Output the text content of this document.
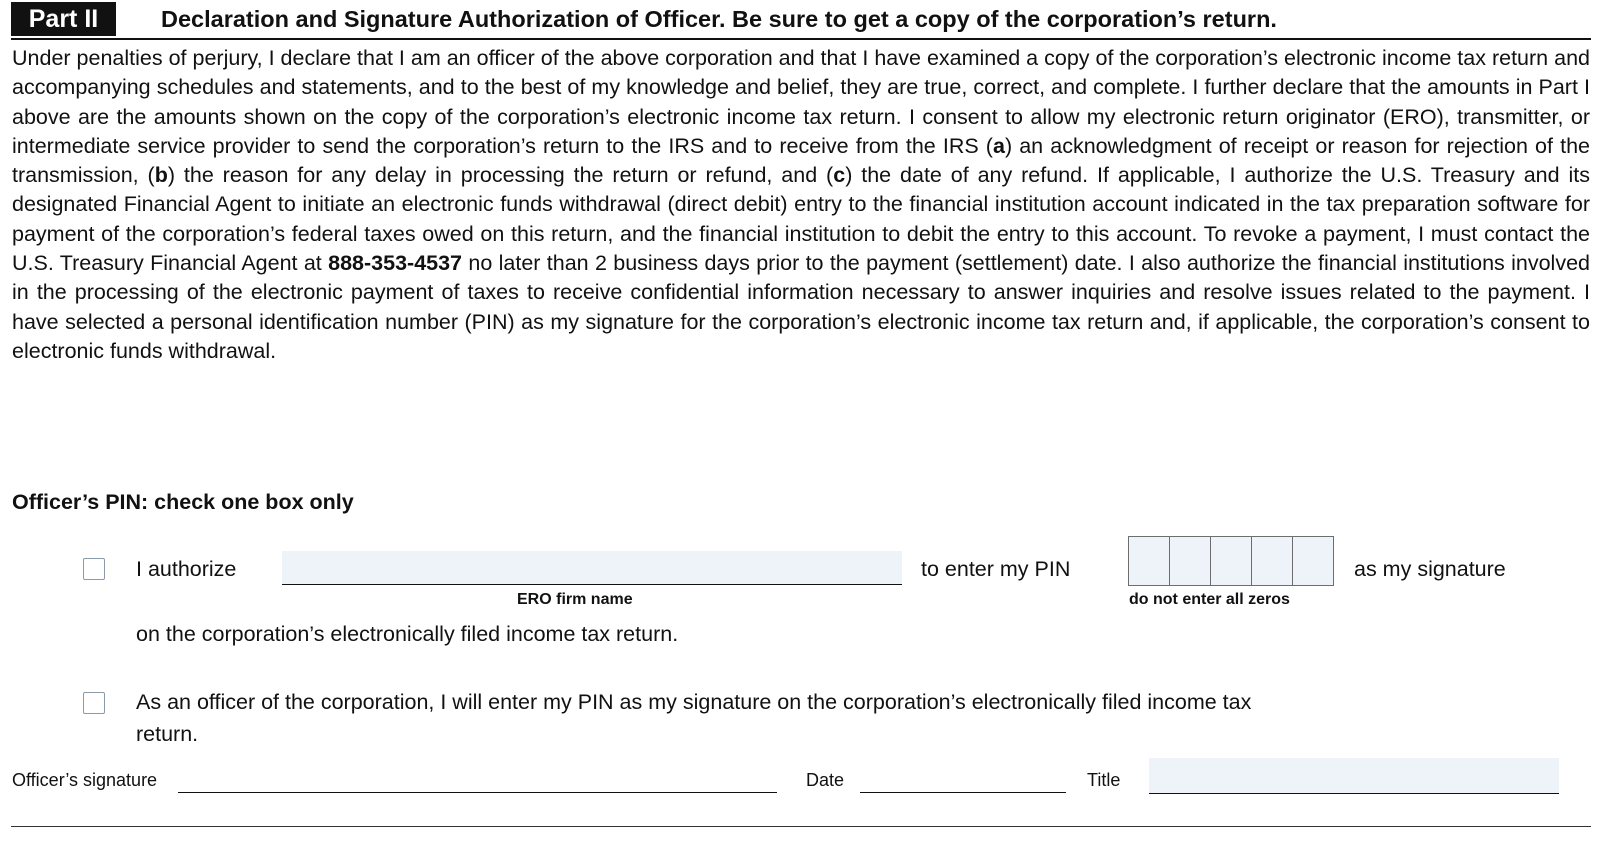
Part II	Declaration and Signature Authorization of Officer. Be sure to get a copy of the corporation’s return.

Under penalties of perjury, I declare that I am an officer of the above corporation and that I have examined a copy of the corporation’s electronic income tax return and accompanying schedules and statements, and to the best of my knowledge and belief, they are true, correct, and complete. I further declare that the amounts in Part I above are the amounts shown on the copy of the corporation’s electronic income tax return. I consent to allow my electronic return originator (ERO), transmitter, or intermediate service provider to send the corporation’s return to the IRS and to receive from the IRS (a) an acknowledgment of receipt or reason for rejection of the transmission, (b) the reason for any delay in processing the return or refund, and (c) the date of any refund. If applicable, I authorize the U.S. Treasury and its designated Financial Agent to initiate an electronic funds withdrawal (direct debit) entry to the financial institution account indicated in the tax preparation software for payment of the corporation’s federal taxes owed on this return, and the financial institution to debit the entry to this account. To revoke a payment, I must contact the U.S. Treasury Financial Agent at 888-353-4537 no later than 2 business days prior to the payment (settlement) date. I also authorize the financial institutions involved in the processing of the electronic payment of taxes to receive confidential information necessary to answer inquiries and resolve issues related to the payment. I have selected a personal identification number (PIN) as my signature for the corporation’s electronic income tax return and, if applicable, the corporation’s consent to electronic funds withdrawal.

Officer’s PIN: check one box only
I authorize
ERO firm name
to enter my PIN
do not enter all zeros
as my signature
on the corporation’s electronically filed income tax return.
As an officer of the corporation, I will enter my PIN as my signature on the corporation’s electronically filed income tax
return.
Officer’s signature	Date	Title
